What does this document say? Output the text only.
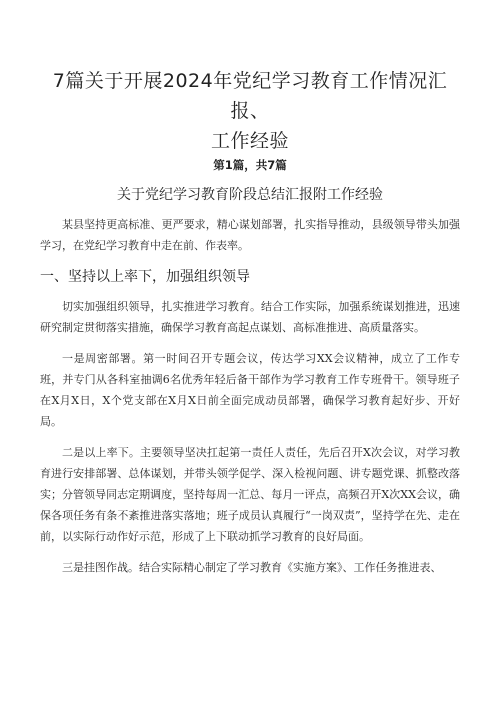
7篇关于开展2024年党纪学习教育工作情况汇报、
工作经验
第1篇，共7篇
关于党纪学习教育阶段总结汇报附工作经验

某县坚持更高标准、更严要求，精心谋划部署，扎实指导推动，县级领导带头加强学习，在党纪学习教育中走在前、作表率。

一、坚持以上率下，加强组织领导

切实加强组织领导，扎实推进学习教育。结合工作实际，加强系统谋划推进，迅速研究制定贯彻落实措施，确保学习教育高起点谋划、高标准推进、高质量落实。

一是周密部署。第一时间召开专题会议，传达学习XX会议精神，成立了工作专班，并专门从各科室抽调6名优秀年轻后备干部作为学习教育工作专班骨干。领导班子在X月X日，X个党支部在X月X日前全面完成动员部署，确保学习教育起好步、开好局。

二是以上率下。主要领导坚决扛起第一责任人责任，先后召开X次会议，对学习教育进行安排部署、总体谋划，并带头领学促学、深入检视问题、讲专题党课、抓整改落实；分管领导同志定期调度，坚持每周一汇总、每月一评点，高频召开X次XX会议，确保各项任务有条不紊推进落实落地；班子成员认真履行“一岗双责”，坚持学在先、走在前，以实际行动作好示范，形成了上下联动抓学习教育的良好局面。

三是挂图作战。结合实际精心制定了学习教育《实施方案》、工作任务推进表、
